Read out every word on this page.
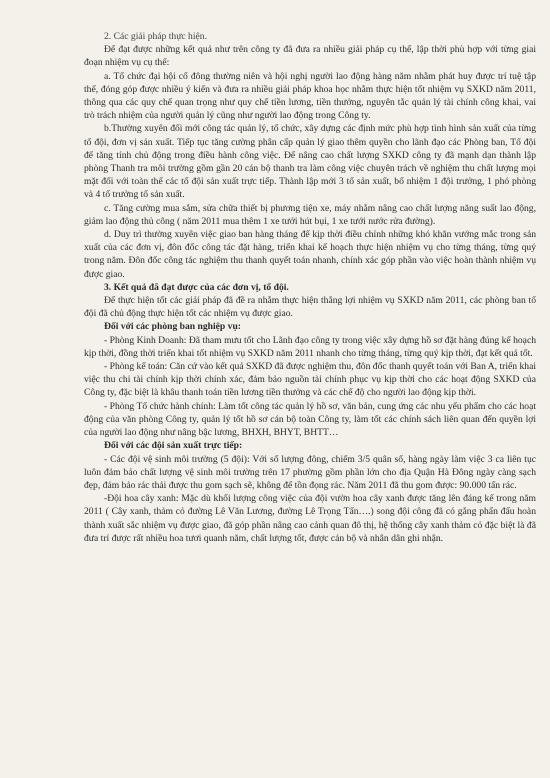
2. Các giải pháp thực hiện.

Để đạt được những kết quả như trên công ty đã đưa ra nhiều giải pháp cụ thể, lập thời phù hợp với từng giai đoạn nhiệm vụ cụ thể:

a. Tổ chức đại hội cổ đông thường niên và hội nghị người lao động hàng năm nhằm phát huy được trí tuệ tập thể, đóng góp được nhiều ý kiến và đưa ra nhiều giải pháp khoa học nhằm thực hiện tốt nhiệm vụ SXKD năm 2011, thông qua các quy chế quan trọng như quy chế tiền lương, tiền thưởng, nguyên tắc quản lý tài chính công khai, vai trò trách nhiệm của người quản lý cũng như người lao động trong Công ty.

b.Thường xuyên đổi mới công tác quản lý, tổ chức, xây dựng các định mức phù hợp tình hình sản xuất của từng tổ đội, đơn vị sản xuất. Tiếp tục tăng cường phân cấp quản lý giao thêm quyền cho lãnh đạo các Phòng ban, Tổ đội để tăng tính chủ động trong điều hành công việc. Để nâng cao chất lượng SXKD công ty đã mạnh dạn thành lập phòng Thanh tra môi trường gồm gần 20 cán bộ thanh tra làm công việc chuyên trách về nghiệm thu chất lượng mọi mặt đối với toàn thể các tổ đội sản xuất trực tiếp. Thành lập mới 3 tổ sản xuất, bổ nhiệm 1 đội trưởng, 1 phó phòng và 4 tổ trưởng tổ sản xuất.

c. Tăng cường mua sắm, sửa chữa thiết bị phương tiện xe, máy nhằm nâng cao chất lượng năng suất lao động, giảm lao động thủ công ( năm 2011 mua thêm 1 xe tưới hút bụi, 1 xe tưới nước rửa đường).

d. Duy trì thường xuyên việc giao ban hàng tháng để kịp thời điều chỉnh những khó khăn vướng mắc trong sản xuất của các đơn vị, đôn đốc công tác đặt hàng, triển khai kế hoạch thực hiện nhiệm vụ cho từng tháng, từng quý trong năm. Đôn đốc công tác nghiệm thu thanh quyết toán nhanh, chính xác góp phần vào việc hoàn thành nhiệm vụ được giao.

3. Kết quả đã đạt được của các đơn vị, tổ đội.

Để thực hiện tốt các giải pháp đã đề ra nhằm thực hiện thắng lợi nhiệm vụ SXKD năm 2011, các phòng ban tổ đội đã chủ động thực hiện tốt các nhiệm vụ được giao.

Đối với các phòng ban nghiệp vụ:

- Phòng Kinh Doanh: Đã tham mưu tốt cho Lãnh đạo công ty trong việc xây dựng hồ sơ đặt hàng đúng kế hoạch kịp thời, đồng thời triển khai tốt nhiệm vụ SXKD năm 2011 nhanh cho từng tháng, từng quý kịp thời, đạt kết quả tốt.

- Phòng kế toán: Căn cứ vào kết quả SXKD đã được nghiệm thu, đôn đốc thanh quyết toán với Ban A, triển khai việc thu chi tài chính kịp thời chính xác, đảm bảo nguồn tài chính phục vụ kịp thời cho các hoạt động SXKD của Công ty, đặc biệt là khâu thanh toán tiền lương tiền thưởng và các chế độ cho người lao động kịp thời.

- Phòng Tổ chức hành chính: Làm tốt công tác quản lý hồ sơ, văn bản, cung ứng các nhu yếu phẩm cho các hoạt động của văn phòng Công ty, quản lý tốt hồ sơ cán bộ toàn Công ty, làm tốt các chính sách liên quan đến quyền lợi của người lao động như nâng bậc lương, BHXH, BHYT, BHTT…

Đối với các đội sản xuất trực tiếp:

- Các đội vệ sinh môi trường (5 đội): Với số lượng đông, chiếm 3/5 quân số, hàng ngày làm việc 3 ca liên tục luôn đảm bảo chất lượng vệ sinh môi trường trên 17 phường gồm phần lớn cho địa Quận Hà Đông ngày càng sạch đẹp, đảm bảo rác thải được thu gom sạch sẽ, không để tồn đọng rác. Năm 2011 đã thu gom được: 90.000 tấn rác.

-Đội hoa cây xanh: Mặc dù khối lượng công việc của đội vườn hoa cây xanh được tăng lên đáng kể trong năm 2011 ( Cây xanh, thảm cỏ đường Lê Văn Lương, đường Lê Trọng Tấn….) song đội công đã có gắng phấn đấu hoàn thành xuất sắc nhiệm vụ được giao, đã góp phần nâng cao cảnh quan đô thị, hệ thống cây xanh thảm cỏ đặc biệt là đã đưa trí được rất nhiều hoa tươi quanh năm, chất lượng tốt, được cán bộ và nhân dân ghi nhận.
